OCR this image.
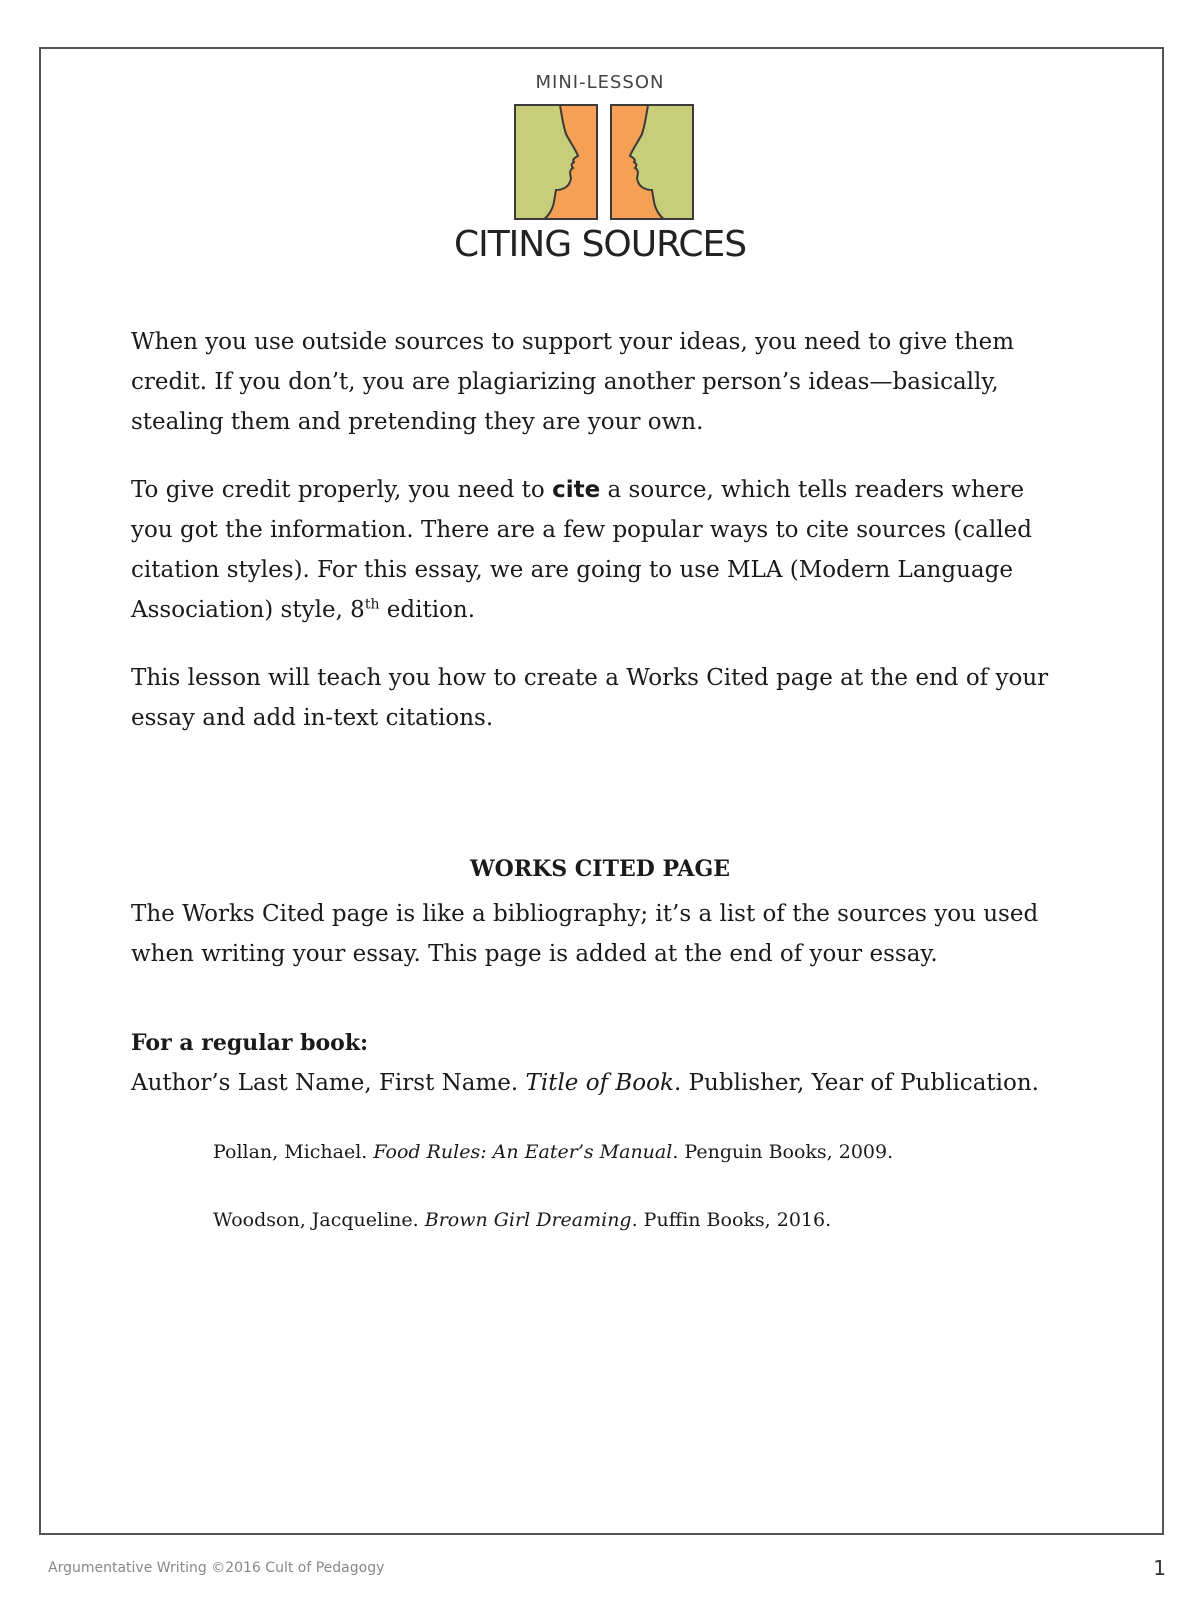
MINI-LESSON
CITING SOURCES

When you use outside sources to support your ideas, you need to give them credit. If you don’t, you are plagiarizing another person’s ideas—basically, stealing them and pretending they are your own.

To give credit properly, you need to cite a source, which tells readers where you got the information. There are a few popular ways to cite sources (called citation styles). For this essay, we are going to use MLA (Modern Language Association) style, 8th edition.

This lesson will teach you how to create a Works Cited page at the end of your essay and add in-text citations.

WORKS CITED PAGE

The Works Cited page is like a bibliography; it’s a list of the sources you used when writing your essay. This page is added at the end of your essay.

For a regular book:

Author’s Last Name, First Name. Title of Book. Publisher, Year of Publication.

Pollan, Michael. Food Rules: An Eater’s Manual. Penguin Books, 2009.

Woodson, Jacqueline. Brown Girl Dreaming. Puffin Books, 2016.

Argumentative Writing ©2016 Cult of Pedagogy	1
